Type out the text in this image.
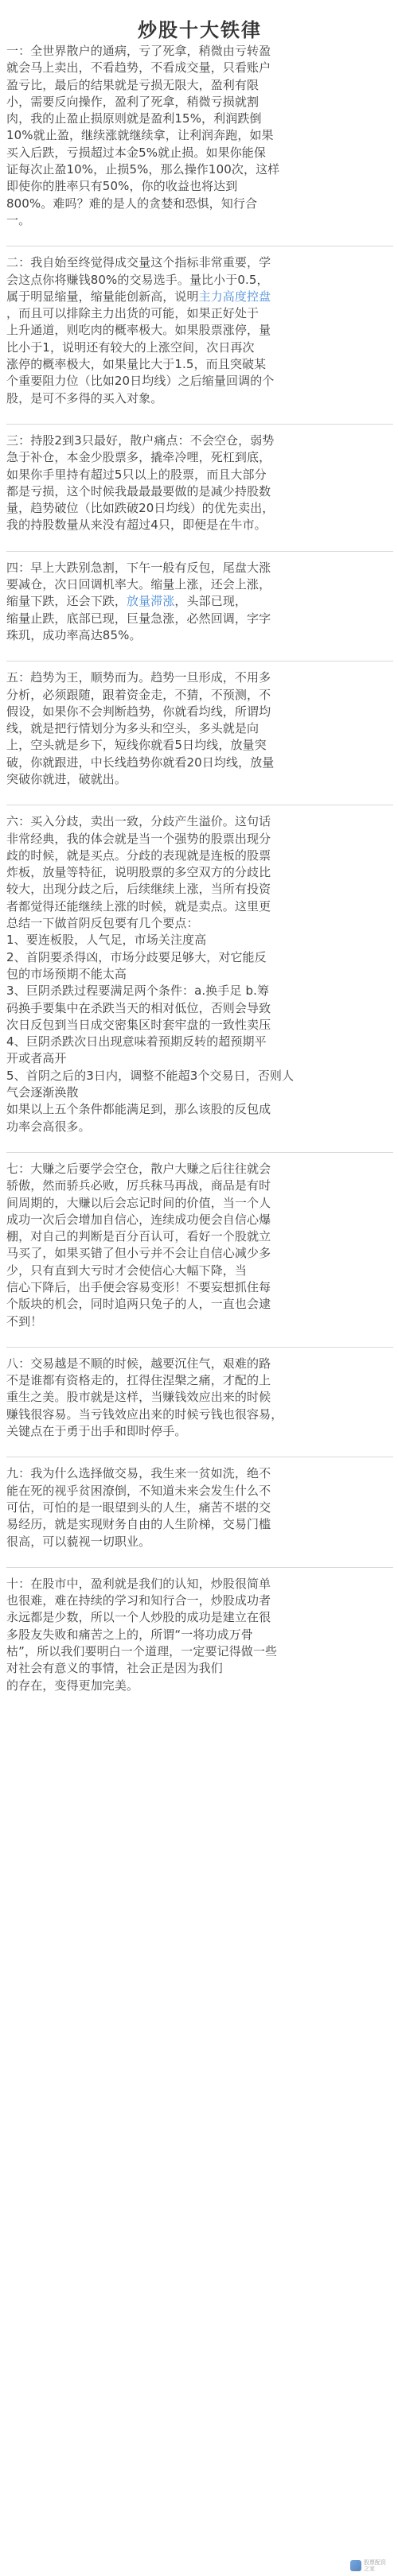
炒股十大铁律
一：全世界散户的通病，亏了死拿，稍微由亏转盈
就会马上卖出，不看趋势，不看成交量，只看账户
盈亏比，最后的结果就是亏损无限大，盈利有限
小，需要反向操作，盈利了死拿，稍微亏损就割
肉，我的止盈止损原则就是盈利15%，利润跌倒
10%就止盈，继续涨就继续拿，让利润奔跑，如果
买入后跌，亏损超过本金5%就止损。如果你能保
证每次止盈10%，止损5%，那么操作100次，这样
即使你的胜率只有50%，你的收益也将达到
800%。难吗？难的是人的贪婪和恐惧，知行合
一。
二：我自始至终觉得成交量这个指标非常重要，学
会这点你将赚钱80%的交易选手。量比小于0.5，
属于明显缩量，缩量能创新高，说明主力高度控盘
，而且可以排除主力出货的可能，如果正好处于
上升通道，则吃肉的概率极大。如果股票涨停，量
比小于1，说明还有较大的上涨空间，次日再次
涨停的概率极大，如果量比大于1.5，而且突破某
个重要阻力位（比如20日均线）之后缩量回调的个
股，是可不多得的买入对象。
三：持股2到3只最好，散户痛点：不会空仓，弱势
急于补仓，本金少股票多，撬牵冷哩，死杠到底，
如果你手里持有超过5只以上的股票，而且大部分
都是亏损，这个时候我最最最要做的是减少持股数
量，趋势破位（比如跌破20日均线）的优先卖出，
我的持股数量从来没有超过4只，即便是在牛市。
四：早上大跌别急割，下午一般有反包，尾盘大涨
要减仓，次日回调机率大。缩量上涨，还会上涨，
缩量下跌，还会下跌，放量滞涨，头部已现，
缩量止跌，底部已现，巨量急涨，必然回调，字字
珠玑，成功率高达85%。
五：趋势为王，顺势而为。趋势一旦形成，不用多
分析，必须跟随，跟着资金走，不猜，不预测，不
假设，如果你不会判断趋势，你就看均线，所谓均
线，就是把行情划分为多头和空头，多头就是向
上，空头就是乡下，短线你就看5日均线，放量突
破，你就跟进，中长线趋势你就看20日均线，放量
突破你就进，破就出。
六：买入分歧，卖出一致，分歧产生溢价。这句话
非常经典，我的体会就是当一个强势的股票出现分
歧的时候，就是买点。分歧的表现就是连板的股票
炸板，放量等特征，说明股票的多空双方的分歧比
较大，出现分歧之后，后续继续上涨，当所有投资
者都觉得还能继续上涨的时候，就是卖点。这里更
总结一下做首阴反包要有几个要点：
1、要连板股，人气足，市场关注度高
2、首阴要杀得凶，市场分歧要足够大，对它能反
包的市场预期不能太高
3、巨阴杀跌过程要满足两个条件：a.换手足 b.筹
码换手要集中在杀跌当天的相对低位，否则会导致
次日反包到当日成交密集区时套牢盘的一致性卖压
4、巨阴杀跌次日出现意味着预期反转的超预期平
开或者高开
5、首阴之后的3日内，调整不能超3个交易日，否则人
气会逐渐涣散
如果以上五个条件都能满足到，那么该股的反包成
功率会高很多。
七：大赚之后要学会空仓，散户大赚之后往往就会
骄傲，然而骄兵必败，厉兵秣马再战，商品是有时
间周期的，大赚以后会忘记时间的价值，当一个人
成功一次后会增加自信心，连续成功便会自信心爆
棚，对自己的判断是百分百认可，看好一个股就立
马买了，如果买错了但小亏并不会让自信心减少多
少，只有直到大亏时才会使信心大幅下降，当
信心下降后，出手便会容易变形！不要妄想抓住每
个版块的机会，同时追两只兔子的人，一直也会逮
不到！
八：交易越是不顺的时候，越要沉住气，艰难的路
不是谁都有资格走的，扛得住涅槃之痛，才配的上
重生之美。股市就是这样，当赚钱效应出来的时候
赚钱很容易。当亏钱效应出来的时候亏钱也很容易，
关键点在于勇于出手和即时停手。
九：我为什么选择做交易，我生来一贫如洗，绝不
能在死的视乎贫困潦倒，不知道未来会发生什么不
可估，可怕的是一眼望到头的人生，痛苦不堪的交
易经历，就是实现财务自由的人生阶梯，交易门槛
很高，可以藐视一切职业。
十：在股市中，盈利就是我们的认知，炒股很简单
也很难，难在持续的学习和知行合一，炒股成功者
永远都是少数，所以一个人炒股的成功是建立在很
多股友失败和痛苦之上的，所谓“一将功成万骨
枯”，所以我们要明白一个道理，一定要记得做一些
对社会有意义的事情，社会正是因为我们
的存在，变得更加完美。
股票配资
之家
